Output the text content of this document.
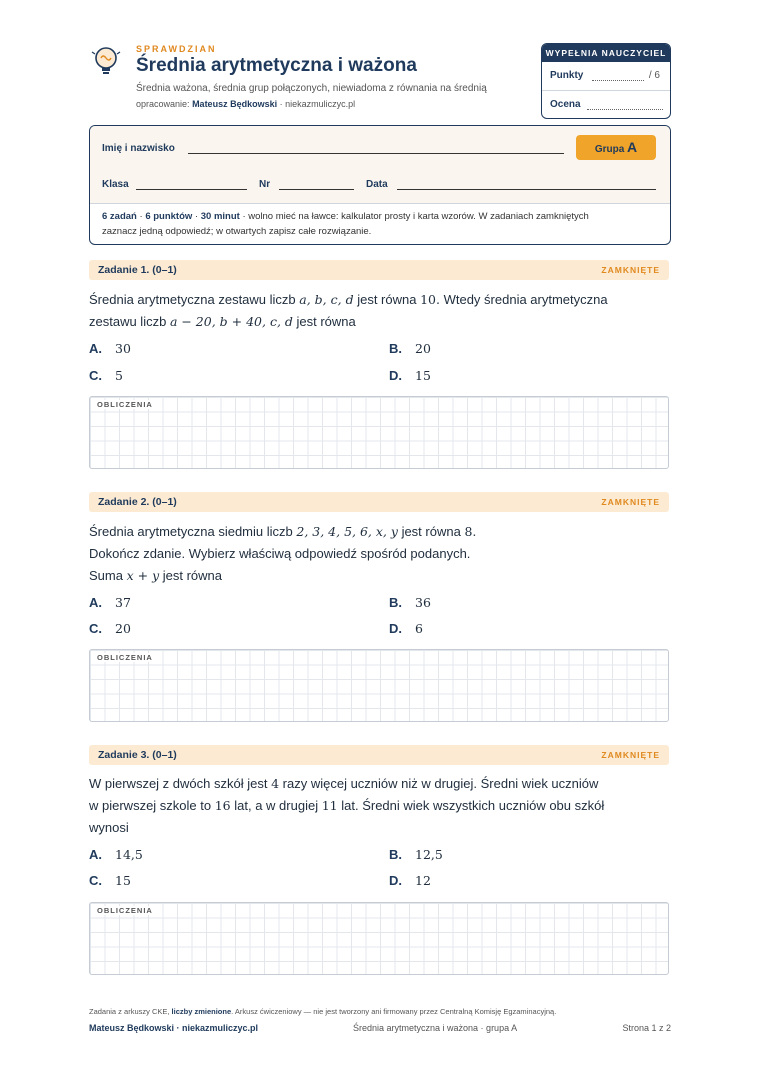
SPRAWDZIAN
Średnia arytmetyczna i ważona
Średnia ważona, średnia grup połączonych, niewiadoma z równania na średnią
opracowanie: Mateusz Będkowski · niekazmuliczyc.pl
WYPEŁNIA NAUCZYCIEL
Punkty	/ 6
Ocena
Imię i nazwisko	Grupa A
Klasa	Nr	Data
6 zadań · 6 punktów · 30 minut · wolno mieć na ławce: kalkulator prosty i karta wzorów. W zadaniach zamkniętych
zaznacz jedną odpowiedź; w otwartych zapisz całe rozwiązanie.
Zadanie 1. (0–1)	ZAMKNIĘTE
Średnia arytmetyczna zestawu liczb a, b, c, d jest równa 10. Wtedy średnia arytmetyczna
zestawu liczb a − 20, b + 40, c, d jest równa
A. 30	B. 20
C. 5	D. 15
OBLICZENIA
Zadanie 2. (0–1)	ZAMKNIĘTE
Średnia arytmetyczna siedmiu liczb 2, 3, 4, 5, 6, x, y jest równa 8.
Dokończ zdanie. Wybierz właściwą odpowiedź spośród podanych.
Suma x + y jest równa
A. 37	B. 36
C. 20	D. 6
OBLICZENIA
Zadanie 3. (0–1)	ZAMKNIĘTE
W pierwszej z dwóch szkół jest 4 razy więcej uczniów niż w drugiej. Średni wiek uczniów
w pierwszej szkole to 16 lat, a w drugiej 11 lat. Średni wiek wszystkich uczniów obu szkół
wynosi
A. 14,5	B. 12,5
C. 15	D. 12
OBLICZENIA
Zadania z arkuszy CKE, liczby zmienione. Arkusz ćwiczeniowy — nie jest tworzony ani firmowany przez Centralną Komisję Egzaminacyjną.
Mateusz Będkowski · niekazmuliczyc.pl	Średnia arytmetyczna i ważona · grupa A	Strona 1 z 2
